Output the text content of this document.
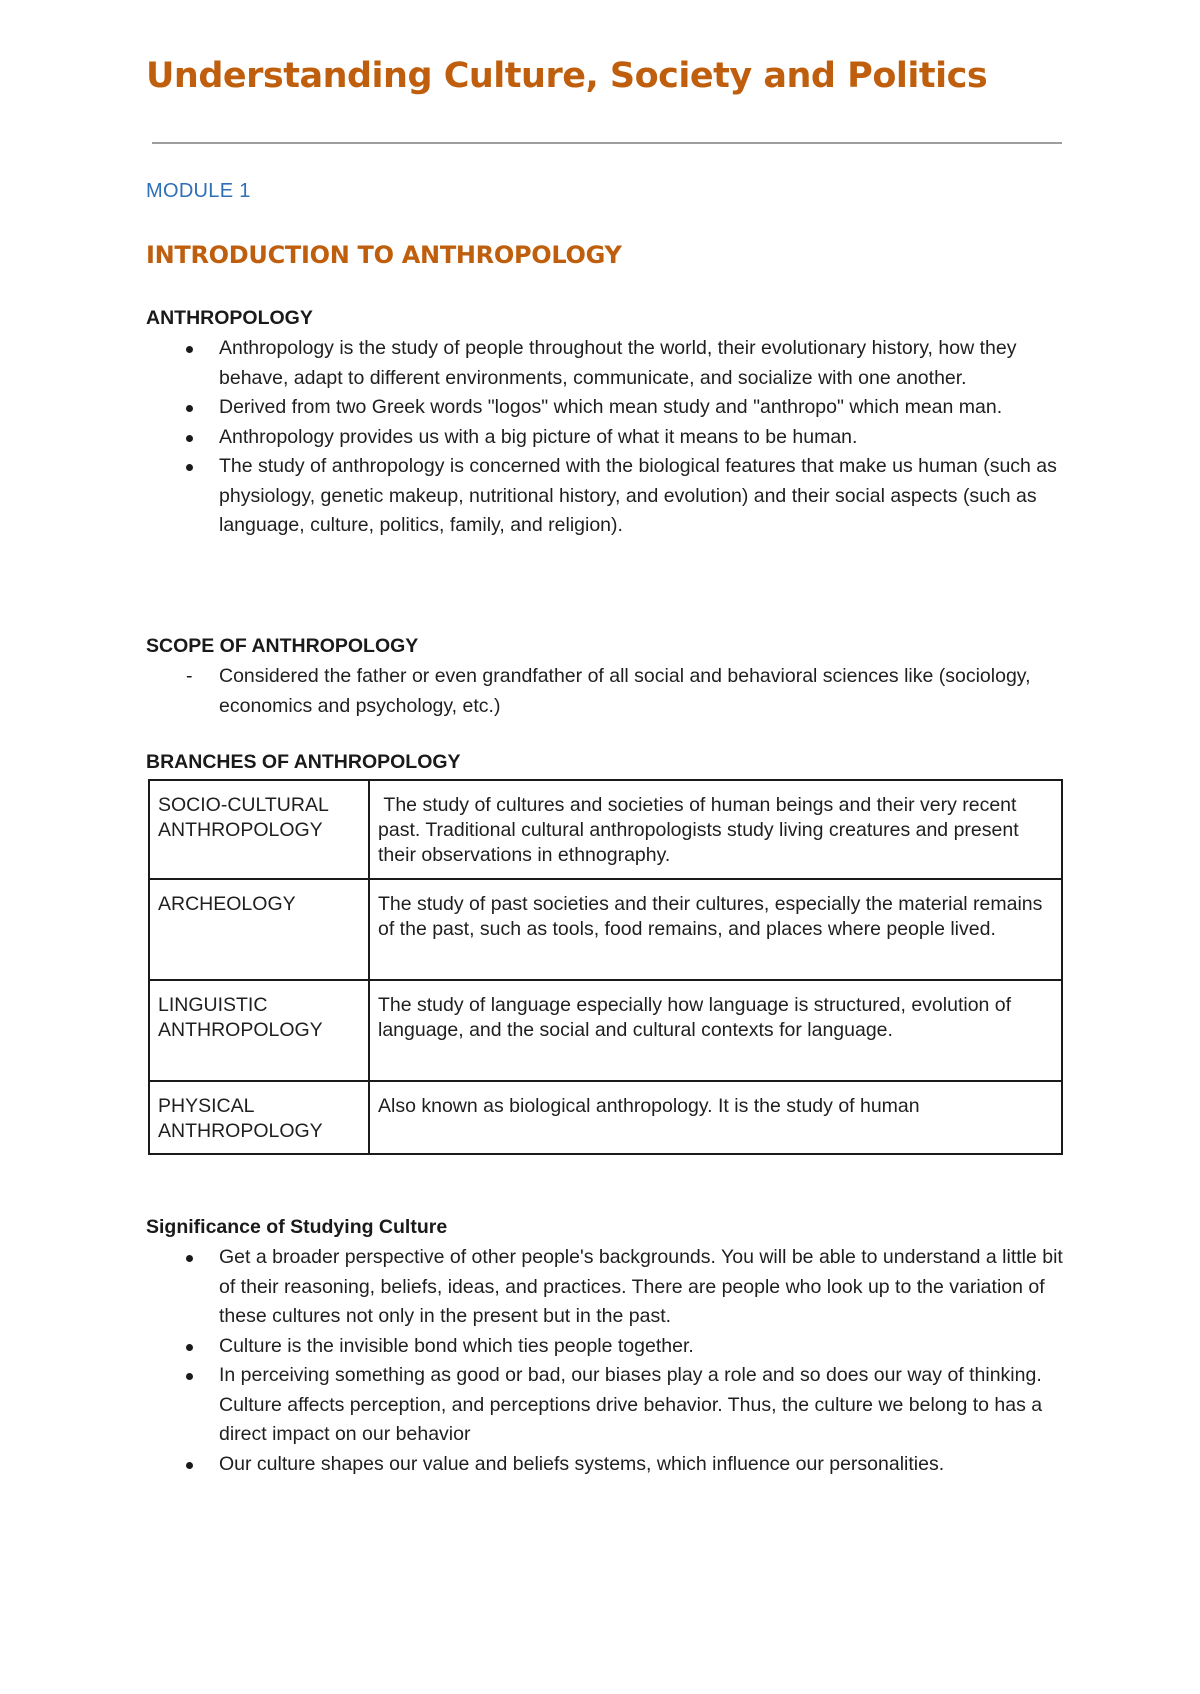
Understanding Culture, Society and Politics
MODULE 1
INTRODUCTION TO ANTHROPOLOGY
ANTHROPOLOGY
Anthropology is the study of people throughout the world, their evolutionary history, how they behave, adapt to different environments, communicate, and socialize with one another.
Derived from two Greek words "logos" which mean study and "anthropo" which mean man.
Anthropology provides us with a big picture of what it means to be human.
The study of anthropology is concerned with the biological features that make us human (such as physiology, genetic makeup, nutritional history, and evolution) and their social aspects (such as language, culture, politics, family, and religion).
SCOPE OF ANTHROPOLOGY
- Considered the father or even grandfather of all social and behavioral sciences like (sociology, economics and psychology, etc.)
BRANCHES OF ANTHROPOLOGY
SOCIO-CULTURAL ANTHROPOLOGY	The study of cultures and societies of human beings and their very recent past. Traditional cultural anthropologists study living creatures and present their observations in ethnography.
ARCHEOLOGY	The study of past societies and their cultures, especially the material remains of the past, such as tools, food remains, and places where people lived.
LINGUISTIC ANTHROPOLOGY	The study of language especially how language is structured, evolution of language, and the social and cultural contexts for language.
PHYSICAL ANTHROPOLOGY	Also known as biological anthropology. It is the study of human
Significance of Studying Culture
Get a broader perspective of other people's backgrounds. You will be able to understand a little bit of their reasoning, beliefs, ideas, and practices. There are people who look up to the variation of these cultures not only in the present but in the past.
Culture is the invisible bond which ties people together.
In perceiving something as good or bad, our biases play a role and so does our way of thinking. Culture affects perception, and perceptions drive behavior. Thus, the culture we belong to has a direct impact on our behavior
Our culture shapes our value and beliefs systems, which influence our personalities.
